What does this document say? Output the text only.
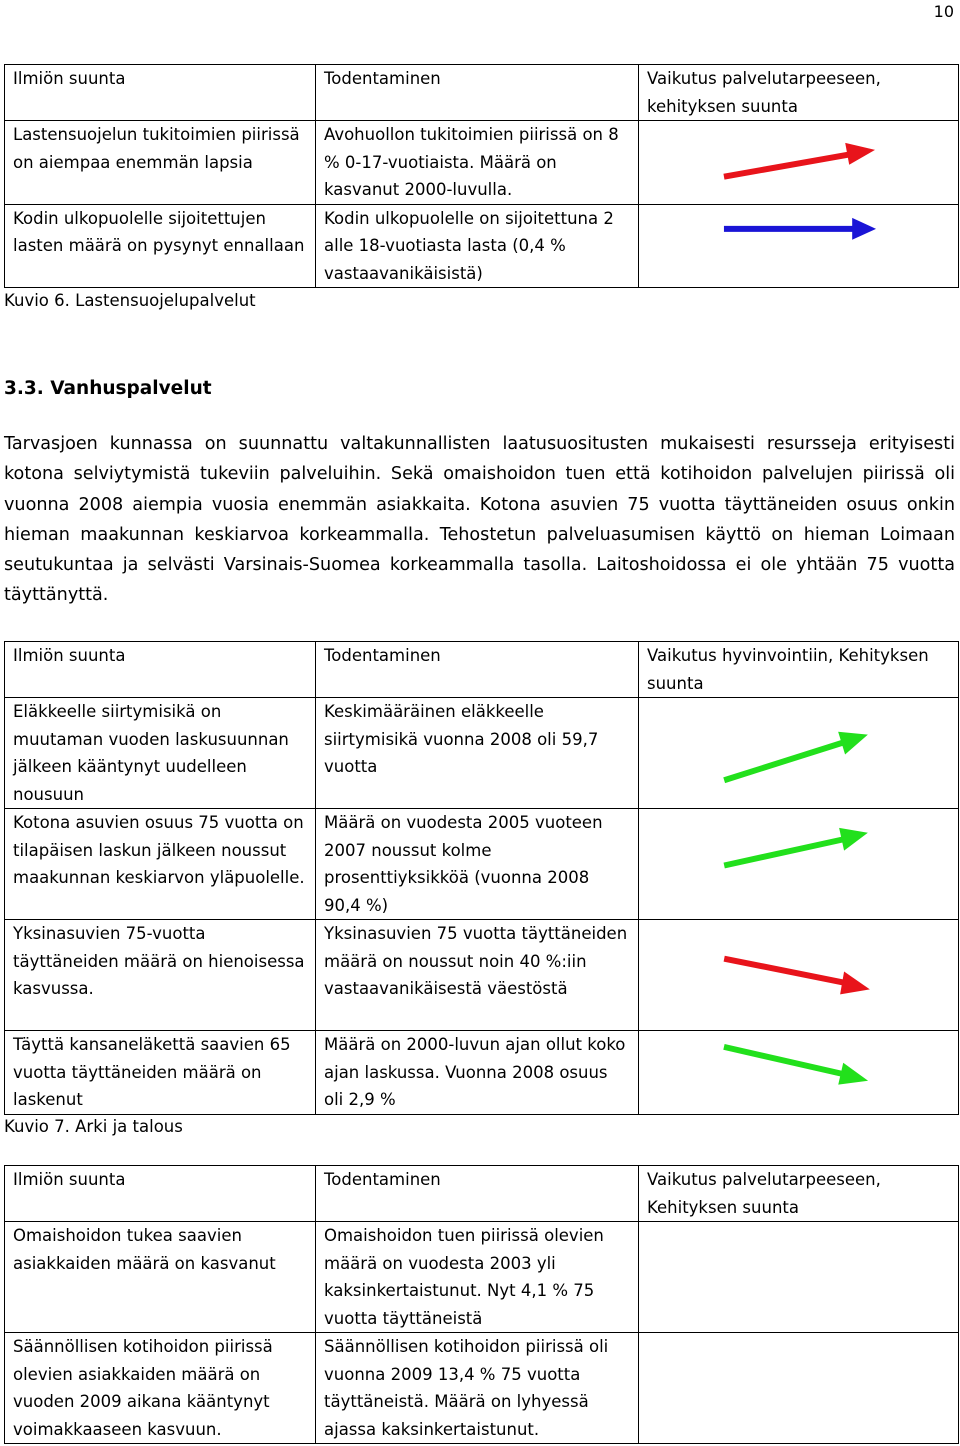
10
Ilmiön suunta	Todentaminen	Vaikutus palvelutarpeeseen, kehityksen suunta
Lastensuojelun tukitoimien piirissä on aiempaa enemmän lapsia	Avohuollon tukitoimien piirissä on 8 % 0-17-vuotiaista. Määrä on kasvanut 2000-luvulla.	

Kodin ulkopuolelle sijoitettujen lasten määrä on pysynyt ennallaan	Kodin ulkopuolelle on sijoitettuna 2 alle 18-vuotiasta lasta (0,4 % vastaavanikäisistä)	
Kuvio 6. Lastensuojelupalvelut
3.3. Vanhuspalvelut

Tarvasjoen kunnassa on suunnattu valtakunnallisten laatusuositusten mukaisesti resursseja erityisesti kotona selviytymistä tukeviin palveluihin. Sekä omaishoidon tuen että kotihoidon palvelujen piirissä oli vuonna 2008 aiempia vuosia enemmän asiakkaita. Kotona asuvien 75 vuotta täyttäneiden osuus onkin hieman maakunnan keskiarvoa korkeammalla. Tehostetun palveluasumisen käyttö on hieman Loimaan seutukuntaa ja selvästi Varsinais-Suomea korkeammalla tasolla. Laitoshoidossa ei ole yhtään 75 vuotta täyttänyttä.

Ilmiön suunta	Todentaminen	Vaikutus hyvinvointiin, Kehityksen suunta
Eläkkeelle siirtymisikä on muutaman vuoden laskusuunnan jälkeen kääntynyt uudelleen nousuun	Keskimääräinen eläkkeelle siirtymisikä vuonna 2008 oli 59,7 vuotta	

Kotona asuvien osuus 75 vuotta on tilapäisen laskun jälkeen noussut maakunnan keskiarvon yläpuolelle.	Määrä on vuodesta 2005 vuoteen 2007 noussut kolme prosenttiyksikköä (vuonna 2008 90,4 %)	

Yksinasuvien 75-vuotta täyttäneiden määrä on hienoisessa kasvussa.	Yksinasuvien 75 vuotta täyttäneiden määrä on noussut noin 40 %:iin vastaavanikäisestä väestöstä	

Täyttä kansaneläkettä saavien 65 vuotta täyttäneiden määrä on laskenut	Määrä on 2000-luvun ajan ollut koko ajan laskussa. Vuonna 2008 osuus oli 2,9 %	
Kuvio 7. Arki ja talous
Ilmiön suunta	Todentaminen	Vaikutus palvelutarpeeseen, Kehityksen suunta
Omaishoidon tukea saavien asiakkaiden määrä on kasvanut	Omaishoidon tuen piirissä olevien määrä on vuodesta 2003 yli kaksinkertaistunut. Nyt 4,1 % 75 vuotta täyttäneistä	
Säännöllisen kotihoidon piirissä olevien asiakkaiden määrä on vuoden 2009 aikana kääntynyt voimakkaaseen kasvuun.	Säännöllisen kotihoidon piirissä oli vuonna 2009 13,4 % 75 vuotta täyttäneistä. Määrä on lyhyessä ajassa kaksinkertaistunut.	
